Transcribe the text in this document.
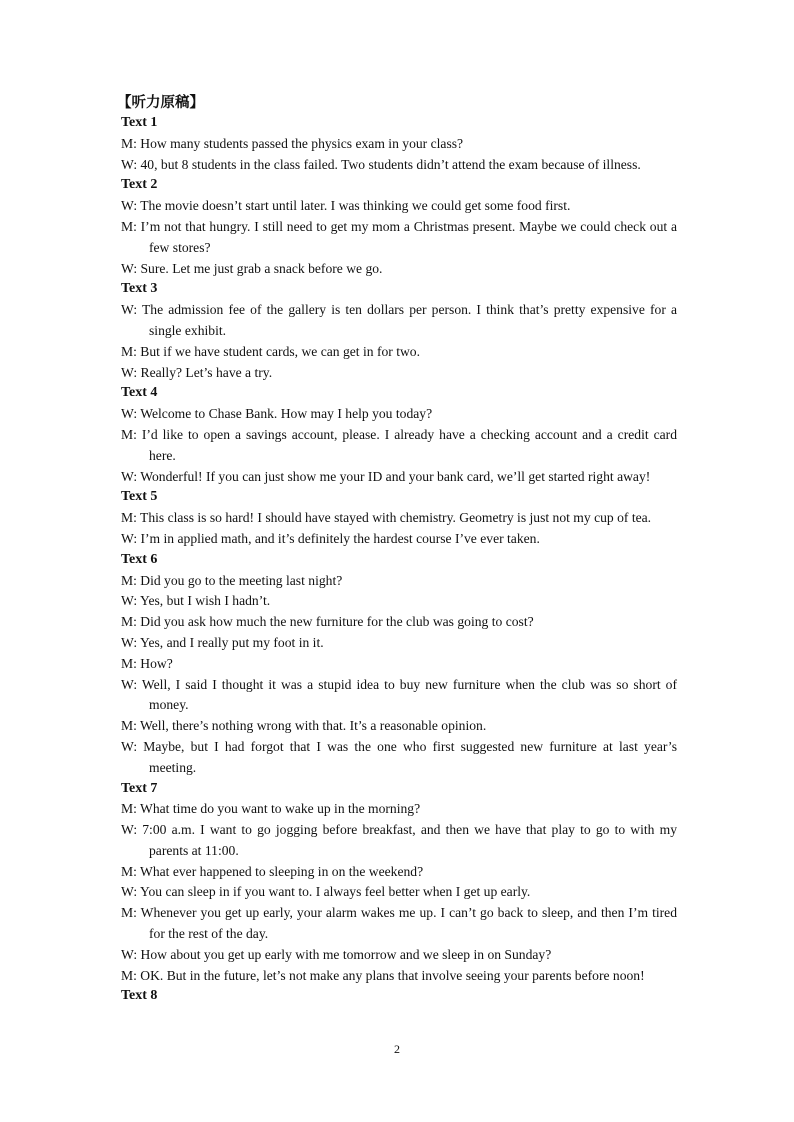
【听力原稿】
Text 1
M: How many students passed the physics exam in your class?
W: 40, but 8 students in the class failed. Two students didn’t attend the exam because of illness.
Text 2
W: The movie doesn’t start until later. I was thinking we could get some food first.
M: I’m not that hungry. I still need to get my mom a Christmas present. Maybe we could check out a few stores?
W: Sure. Let me just grab a snack before we go.
Text 3
W: The admission fee of the gallery is ten dollars per person. I think that’s pretty expensive for a single exhibit.
M: But if we have student cards, we can get in for two.
W: Really? Let’s have a try.
Text 4
W: Welcome to Chase Bank. How may I help you today?
M: I’d like to open a savings account, please. I already have a checking account and a credit card here.
W: Wonderful! If you can just show me your ID and your bank card, we’ll get started right away!
Text 5
M: This class is so hard! I should have stayed with chemistry. Geometry is just not my cup of tea.
W: I’m in applied math, and it’s definitely the hardest course I’ve ever taken.
Text 6
M: Did you go to the meeting last night?
W: Yes, but I wish I hadn’t.
M: Did you ask how much the new furniture for the club was going to cost?
W: Yes, and I really put my foot in it.
M: How?
W: Well, I said I thought it was a stupid idea to buy new furniture when the club was so short of money.
M: Well, there’s nothing wrong with that. It’s a reasonable opinion.
W: Maybe, but I had forgot that I was the one who first suggested new furniture at last year’s meeting.
Text 7
M: What time do you want to wake up in the morning?
W: 7:00 a.m. I want to go jogging before breakfast, and then we have that play to go to with my parents at 11:00.
M: What ever happened to sleeping in on the weekend?
W: You can sleep in if you want to. I always feel better when I get up early.
M: Whenever you get up early, your alarm wakes me up. I can’t go back to sleep, and then I’m tired for the rest of the day.
W: How about you get up early with me tomorrow and we sleep in on Sunday?
M: OK. But in the future, let’s not make any plans that involve seeing your parents before noon!
Text 8
2
